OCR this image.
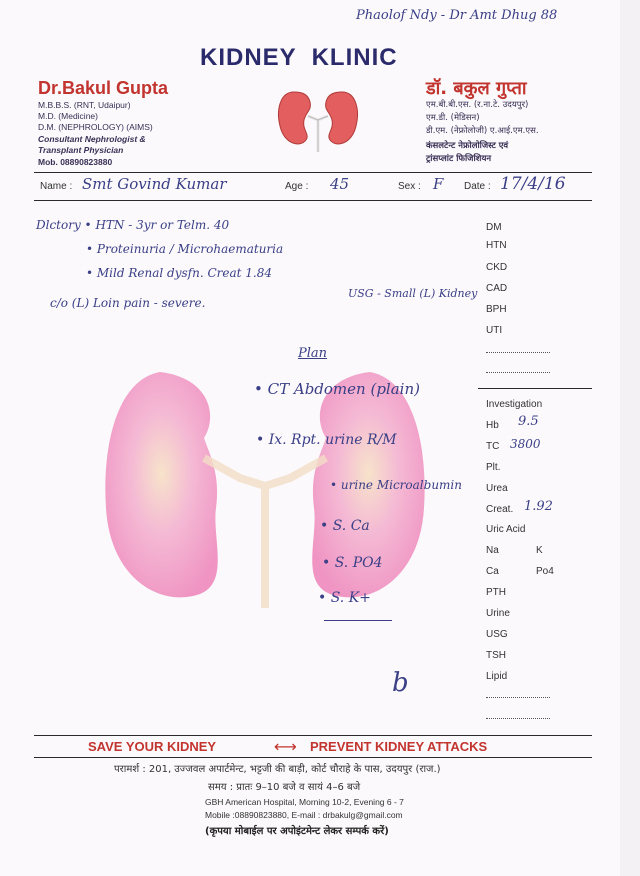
Phaolof Ndy - Dr Amt Dhug 88
KIDNEY  KLINIC
Dr.Bakul Gupta
M.B.B.S. (RNT, Udaipur)
M.D. (Medicine)
D.M. (NEPHROLOGY) (AIMS)
Consultant Nephrologist &
Transplant Physician
Mob. 08890823880
डॉ. बकुल गुप्ता
एम.बी.बी.एस. (र.ना.टे. उदयपुर)
एम.डी. (मेडिसन)
डी.एम. (नेफ्रोलोजी) ए.आई.एम.एस.
कंसलटेन्ट नेफ्रोलोजिस्ट एवं
ट्रांसप्लांट फिजिशियन
Name : Smt Govind Kumar	Age : 45	Sex : F Date : 17/4/16
Dlctory • HTN - 3yr or Telm. 40
• Proteinuria / Microhaematuria
• Mild Renal dysfn. Creat 1.84
c/o (L) Loin pain - severe.
USG - Small (L) Kidney
Plan
• CT Abdomen (plain)
• Ix. Rpt. urine R/M
• urine Microalbumin
• S. Ca
• S. PO4
• S. K+
b
DM
HTN
CKD
CAD
BPH
UTI
Investigation
Hb 9.5
TC 3800
Plt.
Urea
Creat. 1.92
Uric Acid
Na	K
Ca	Po4
PTH
Urine
USG
TSH
Lipid
SAVE YOUR KIDNEY	⟷ PREVENT KIDNEY ATTACKS
परामर्श : 201, उज्जवल अपार्टमेन्ट, भट्टजी की बाड़ी, कोर्ट चौराहे के पास, उदयपुर (राज.)
समय : प्रातः 9–10 बजे व सायं 4–6 बजे
GBH American Hospital, Morning 10-2, Evening 6 - 7
Mobile :08890823880, E-mail : drbakulg@gmail.com
(कृपया मोबाईल पर अपोइंटमेन्ट लेकर सम्पर्क करें)
